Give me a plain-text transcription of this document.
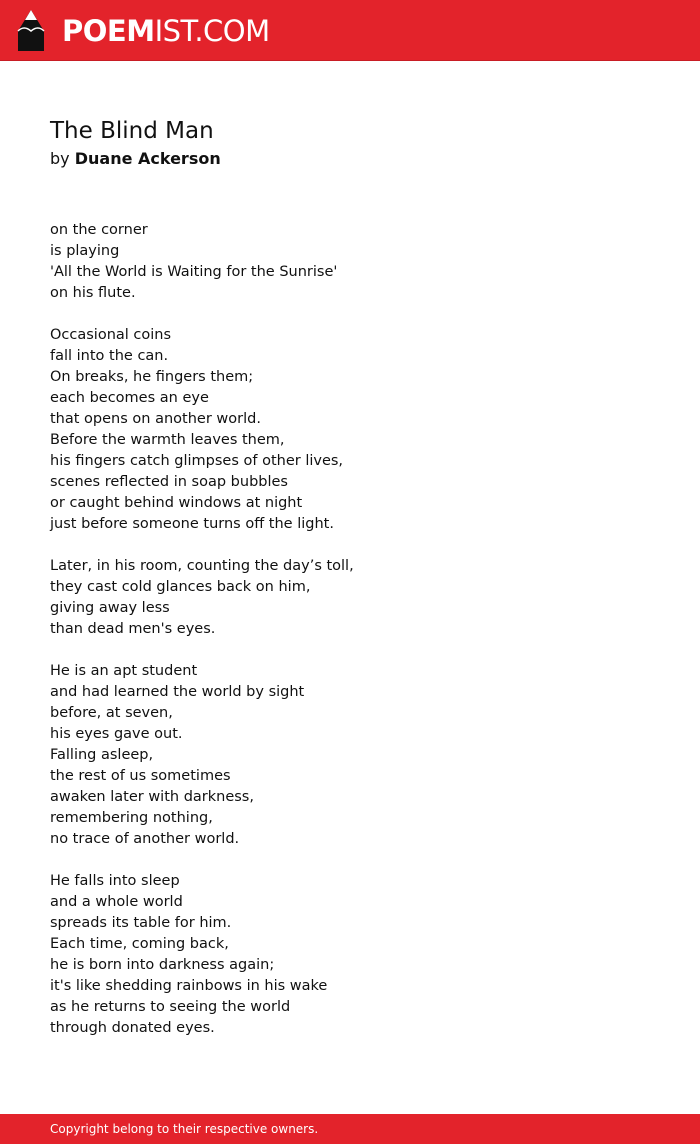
POEMIST.COM
The Blind Man

by Duane Ackerson

on the corner
is playing
'All the World is Waiting for the Sunrise'
on his flute.
Occasional coins
fall into the can.
On breaks, he fingers them;
each becomes an eye
that opens on another world.
Before the warmth leaves them,
his fingers catch glimpses of other lives,
scenes reflected in soap bubbles
or caught behind windows at night
just before someone turns off the light.
Later, in his room, counting the day’s toll,
they cast cold glances back on him,
giving away less
than dead men's eyes.
He is an apt student
and had learned the world by sight
before, at seven,
his eyes gave out.
Falling asleep,
the rest of us sometimes
awaken later with darkness,
remembering nothing,
no trace of another world.
He falls into sleep
and a whole world
spreads its table for him.
Each time, coming back,
he is born into darkness again;
it's like shedding rainbows in his wake
as he returns to seeing the world
through donated eyes.
Copyright belong to their respective owners.
